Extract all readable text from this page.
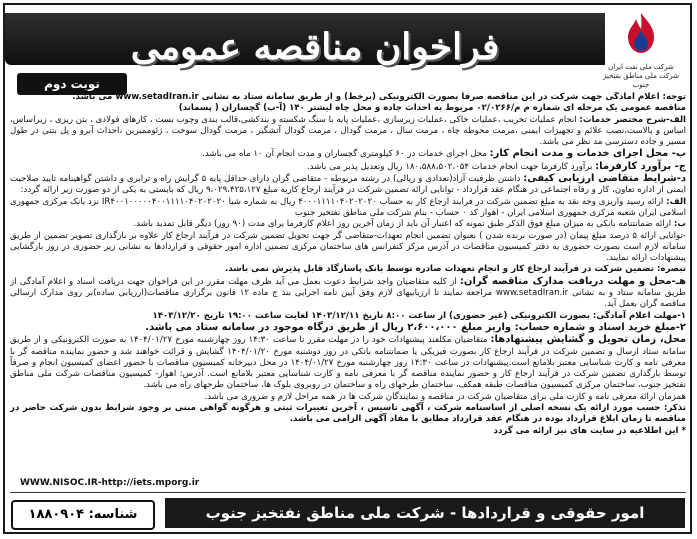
فراخوان مناقصه عمومی	شرکت ملی نفت ایران
شرکت ملی مناطق نفتخیز جنوب
نوبت دوم

توجه: اعلام آمادگی جهت شرکت در این مناقصه صرفاً بصورت الکترونیکی (برخط) و از طریق سامانه ستاد به نشانی www.setadIran.ir می باشد.

مناقصه عمومی یک مرحله ای شماره م م/۰۲/۰۲۶۶ مربوط به احداث جاده و محل چاه لیشتر ۱۴۰ (آ-ب) گچساران ( پسماند)

الف-شرح مختصر خدمات: انجام عملیات تخریب ،عملیات خاکی ،عملیات زیرسازی ،عملیات پایه با سنگ شکسته و بندکشی،قالب بندی وچوب بست ، کارهای فولادی ، بتن ریزی ، زیراساس، اساس و بالاست،نصب علائم و تجهیزات ایمنی ،مرمت محوطه چاه ، مرمت سال ، مرمت گودال ، مرمت گودال آتشگیر ، مرمت گودال سوخت ، ژئوممبرین ،احداث آبرو و پل بتنی در طول مسیر و جاده دسترسی مد نظر می باشد.

ب- محل اجرای خدمات و مدت انجام کار: محل اجرای خدمات در ۶۰ کیلومتری گچساران و مدت انجام آن ۱۰ ماه می باشد.

ج- برآورد کارفرما: برآورد کارفرما جهت انجام خدمات ۱۸۰،۵۸۸،۵۰۲،۰۵۴ ریال وتعدیل پذیر می باشد.

د-شرایط متقاضی ارزیابی کیفی: داشتن ظرفیت آزاد(تعدادی و ریالی) در رشته مربوطه - متقاضی گران دارای حداقل پایه ۵ گرایش راه و ترابری و داشتن گواهینامه تایید صلاحیت ایمنی از اداره تعاون، کار و رفاه اجتماعی در هنگام عقد قرارداد - توانایی ارائه تضمین شرکت در فرآیند ارجاع کاربه مبلغ ۹،۰۲۹،۴۲۵،۱۲۷ ریال که بایستی به یکی از دو صورت زیر ارائه گردد:

الف: ارائه رسید واریزی وجه نقد به مبلغ تضمین شرکت در فرایند ارجاع کار به حساب ۴۰۰۰۱۱۱۱۰۴۰۲۰۲۰۲۰ ریال به شماره شبا IR۴۰۰۱۰۰۰۰۰۴۰۰۱۱۱۱۰۴۰۲۰۲۰۲۰ نزد بانک مرکزی جمهوری اسلامی ایران شعبه مرکزی جمهوری اسلامی ایران - اهواز کد ۰ حساب - بنام شرکت ملی مناطق نفتخیز جنوب

ب: ارائه ضمانتنامه بانکی به میزان مبلغ فوق الذکر طبق نمونه که اعتبار آن باید از زمان آخرین روز اعلام کارفرما برای مدت (۹۰ روز) دیگر قابل تمدید باشد.

-توانایی ارائه ۵ درصد مبلغ پیمان (در صورت برنده شدن ) بعنوان تضمین انجام تعهدات-متقاضی گر جهت تحویل تضمین شرکت در فرآیند ارجاع کار علاوه بر بارگذاری تصویر تضمین از طریق سامانه لازم است بصورت حضوری به دفتر کمیسیون مناقصات در آدرس مرکز کنفرانس های ساختمان مرکزی تضمین اداره امور حقوقی و قراردادها به نشانی زیر حضوری در روز بازگشایی پیشنهادات ارائه نمایند.

تبصره: تضمین شرکت در فرآیند ارجاع کار و انجام تعهدات صادره توسط بانک پاسارگاد قابل پذیرش نمی باشد.

هـ-محل و مهلت دریافت مدارک مناقصه گران: از کلیه متقاضیان واجد شرایط دعوت بعمل می آید ظرف مهلت مقرر در این فراخوان جهت دریافت اسناد و اعلام آمادگی از طریق سامانه ستاد و به نشانی www.setadIran.ir مراجعه نمایند تا ارزیابیهای لازم وفق آیین نامه اجرایی بند ج ماده ۱۲ قانون برگزاری مناقصات(ارزیابی ساده)بر روی مدارک ارسالی مناقصه گران بعمل آید.

۱-مهلت اعلام آمادگی: بصورت الکترونیکی (غیر حضوری) از ساعت ۸:۰۰ تاریخ ۱۴۰۳/۱۲/۱۱ لغایت ساعت ۱۹:۰۰ تاریخ ۱۴۰۳/۱۲/۲۰

۲-مبلغ خرید اسناد و شماره حساب: واریز مبلغ ۲،۶۰۰،۰۰۰ ریال از طریق درگاه موجود در سامانه ستاد می باشد.

محل، زمان تحویل و گشایش پیشنهادها: متقاضیان مکلفند پیشنهادات خود را در مهلت مقرر تا ساعت ۱۴:۳۰ روز چهارشنبه مورخ ۱۴۰۴/۰۱/۲۷ به صورت الکترونیکی و از طریق سامانه ستاد ارسال و تضمین شرکت در فرآیند ارجاع کار بصورت فیزیکی یا ضمانتنامه بانکی در روز دوشنبه مورخ ۱۴۰۴/۰۱/۲۰ گشایش و قرائت خواهند شد و حضور نماینده مناقصه گر با معرفی نامه و کارت شناسایی معتبر بلامانع است.پیشنهادات در ساعت ۱۴:۳۰ روز چهارشنبه مورخ ۱۴۰۴/۰۱/۲۷ در محل دبیرخانه کمیسیون مناقصات با حضور اعضای کمیسیون انجام و صرفاً توسط بارگذاری تضمین شرکت در فرآیند ارجاع کار و حضور نماینده مناقصه گر با معرفی نامه و کارت شناسایی معتبر بلامانع است. آدرس: اهواز- کمیسیون مناقصات شرکت ملی مناطق نفتخیز جنوب، ساختمان مرکزی کمیسیون مناقصات طبقه همکف، ساختمان طرحهای راه و ساختمان در روبروی بلوک ها، ساختمان طرحهای راه می باشد.

همزمان ارائه معرفی نامه و کارت ملی برای متقاضیان شرکت در مناقصه و نمایندگان شرکت ها در همه مراحل لازم و ضروری می باشد.

تذکر: حسب مورد ارائه یک نسخه اصلی از اساسنامه شرکت ، آگهی تاسیس ، آخرین تغییرات ثبتی و هرگونه گواهی مبنی بر وجود شرایط بدون شرکت حاضر در مناقصه تا زمان ابلاغ قرارداد بوده در هنگام عقد قرارداد مطابق با مفاد آگهی الزامی می باشد.

* این اطلاعیه در سایت های نیز ارائه می گردد

WWW.NISOC.IR-http://iets.mporg.ir
شناسه: ۱۸۸۰۹۰۴	امور حقوقی و قراردادها - شرکت ملی مناطق نفتخیز جنوب
